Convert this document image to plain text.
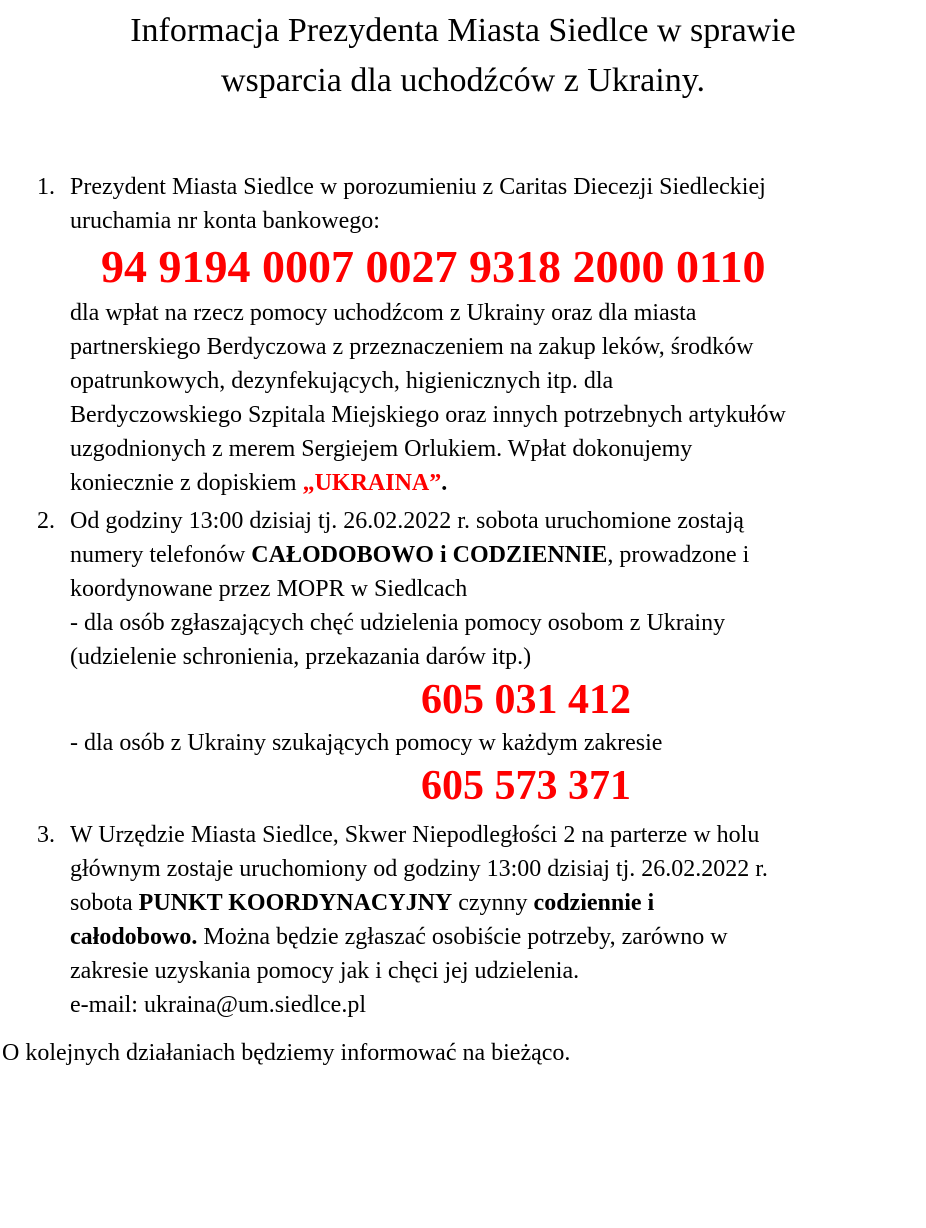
Informacja Prezydenta Miasta Siedlce w sprawie
wsparcia dla uchodźców z Ukrainy.
1. Prezydent Miasta Siedlce w porozumieniu z Caritas Diecezji Siedleckiej
uruchamia nr konta bankowego:
94 9194 0007 0027 9318 2000 0110
dla wpłat na rzecz pomocy uchodźcom z Ukrainy oraz dla miasta
partnerskiego Berdyczowa z przeznaczeniem na zakup leków, środków
opatrunkowych, dezynfekujących, higienicznych itp. dla
Berdyczowskiego Szpitala Miejskiego oraz innych potrzebnych artykułów
uzgodnionych z merem Sergiejem Orlukiem. Wpłat dokonujemy
koniecznie z dopiskiem „UKRAINA”.
2. Od godziny 13:00 dzisiaj tj. 26.02.2022 r. sobota uruchomione zostają
numery telefonów CAŁODOBOWO i CODZIENNIE, prowadzone i
koordynowane przez MOPR w Siedlcach
- dla osób zgłaszających chęć udzielenia pomocy osobom z Ukrainy
(udzielenie schronienia, przekazania darów itp.)
605 031 412
- dla osób z Ukrainy szukających pomocy w każdym zakresie
605 573 371
3. W Urzędzie Miasta Siedlce, Skwer Niepodległości 2 na parterze w holu
głównym zostaje uruchomiony od godziny 13:00 dzisiaj tj. 26.02.2022 r.
sobota PUNKT KOORDYNACYJNY czynny codziennie i
całodobowo. Można będzie zgłaszać osobiście potrzeby, zarówno w
zakresie uzyskania pomocy jak i chęci jej udzielenia.
e-mail: ukraina@um.siedlce.pl
O kolejnych działaniach będziemy informować na bieżąco.
